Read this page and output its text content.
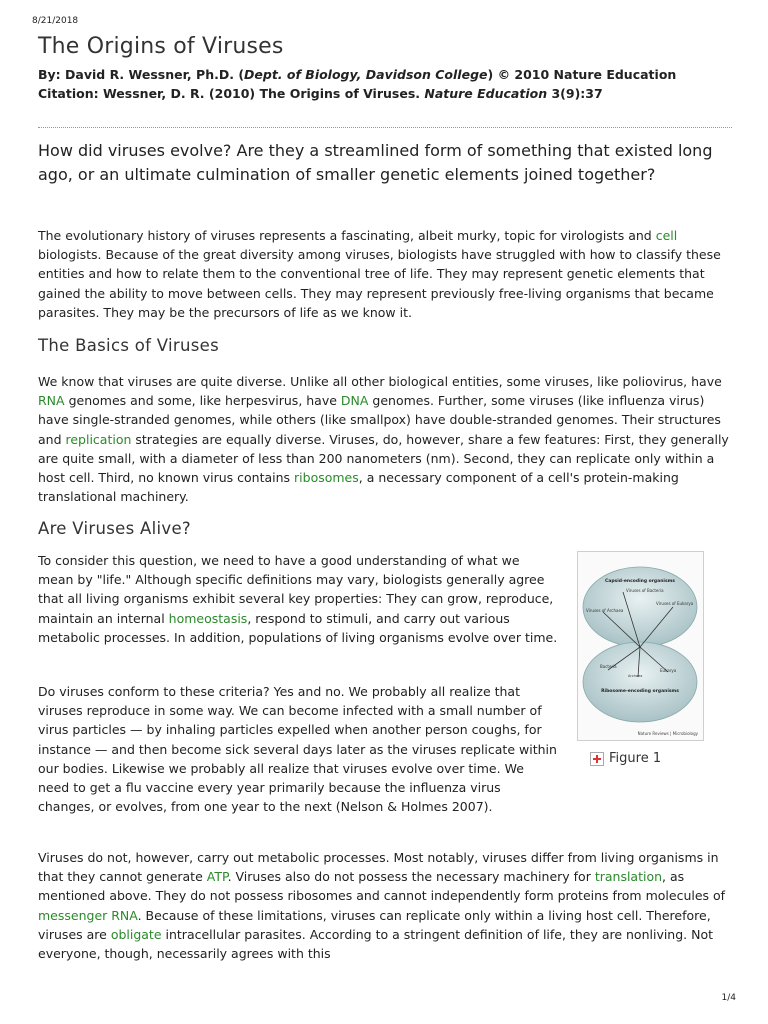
8/21/2018
The Origins of Viruses
By: David R. Wessner, Ph.D. (Dept. of Biology, Davidson College) © 2010 Nature Education
Citation: Wessner, D. R. (2010) The Origins of Viruses. Nature Education 3(9):37
How did viruses evolve? Are they a streamlined form of something that existed long ago, or an ultimate culmination of smaller genetic elements joined together?

The evolutionary history of viruses represents a fascinating, albeit murky, topic for virologists and cell biologists. Because of the great diversity among viruses, biologists have struggled with how to classify these entities and how to relate them to the conventional tree of life. They may represent genetic elements that gained the ability to move between cells. They may represent previously free-living organisms that became parasites. They may be the precursors of life as we know it.

The Basics of Viruses

We know that viruses are quite diverse. Unlike all other biological entities, some viruses, like poliovirus, have RNA genomes and some, like herpesvirus, have DNA genomes. Further, some viruses (like influenza virus) have single-stranded genomes, while others (like smallpox) have double-stranded genomes. Their structures and replication strategies are equally diverse. Viruses, do, however, share a few features: First, they generally are quite small, with a diameter of less than 200 nanometers (nm). Second, they can replicate only within a host cell. Third, no known virus contains ribosomes, a necessary component of a cell's protein-making translational machinery.

Are Viruses Alive?

To consider this question, we need to have a good understanding of what we mean by "life." Although specific definitions may vary, biologists generally agree that all living organisms exhibit several key properties: They can grow, reproduce, maintain an internal homeostasis, respond to stimuli, and carry out various metabolic processes. In addition, populations of living organisms evolve over time.

Do viruses conform to these criteria? Yes and no. We probably all realize that viruses reproduce in some way. We can become infected with a small number of virus particles — by inhaling particles expelled when another person coughs, for instance — and then become sick several days later as the viruses replicate within our bodies. Likewise we probably all realize that viruses evolve over time. We need to get a flu vaccine every year primarily because the influenza virus changes, or evolves, from one year to the next (Nelson & Holmes 2007).

Viruses do not, however, carry out metabolic processes. Most notably, viruses differ from living organisms in that they cannot generate ATP. Viruses also do not possess the necessary machinery for translation, as mentioned above. They do not possess ribosomes and cannot independently form proteins from molecules of messenger RNA. Because of these limitations, viruses can replicate only within a living host cell. Therefore, viruses are obligate intracellular parasites. According to a stringent definition of life, they are nonliving. Not everyone, though, necessarily agrees with this

Capsid-encoding organisms
Viruses of Bacteria
Viruses of Archaea
Viruses of Eukarya
Bacteria
Archaea
Eukarya
Ribosome-encoding organisms
Nature Reviews | Microbiology
Figure 1
1/4
